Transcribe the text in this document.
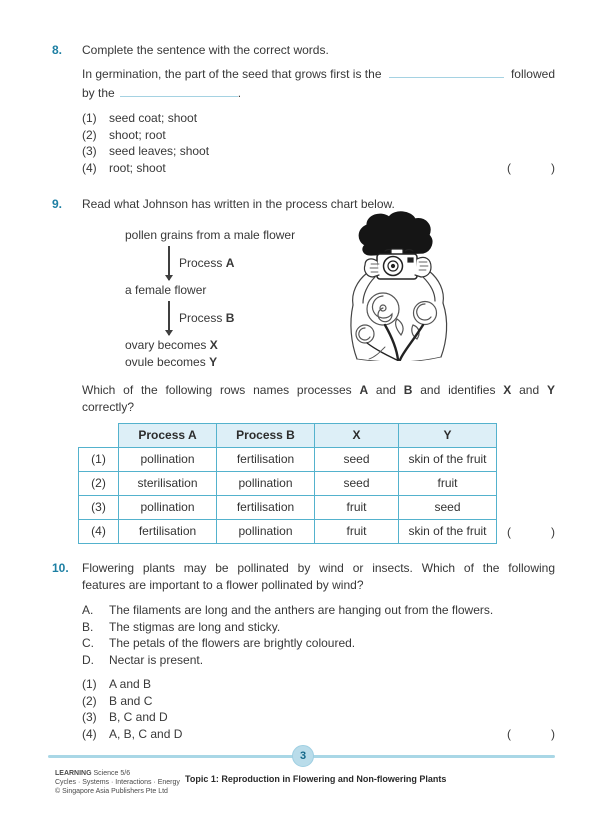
8.	Complete the sentence with the correct words.
In germination, the part of the seed that grows first is the	followed
by the	.
(1)	seed coat; shoot
(2)	shoot; root
(3)	seed leaves; shoot
(4)	root; shoot	(            )
9.	Read what Johnson has written in the process chart below.
pollen grains from a male flower
Process A
a female flower
Process B
ovary becomes X
ovule becomes Y
Which of the following rows names processes A and B and identifies X and Y
correctly?
	Process A	Process B	X	Y
(1)	pollination	fertilisation	seed	skin of the fruit
(2)	sterilisation	pollination	seed	fruit
(3)	pollination	fertilisation	fruit	seed
(4)	fertilisation	pollination	fruit	skin of the fruit (            )
10.	Flowering plants may be pollinated by wind or insects. Which of the following
features are important to a flower pollinated by wind?
A.	The filaments are long and the anthers are hanging out from the flowers.
B.	The stigmas are long and sticky.
C.	The petals of the flowers are brightly coloured.
D.	Nectar is present.
(1)	A and B
(2)	B and C
(3)	B, C and D
(4)	A, B, C and D	(            )
3
LEARNING Science 5/6
Cycles · Systems · Interactions · Energy
© Singapore Asia Publishers Pte Ltd
Topic 1: Reproduction in Flowering and Non-flowering Plants
